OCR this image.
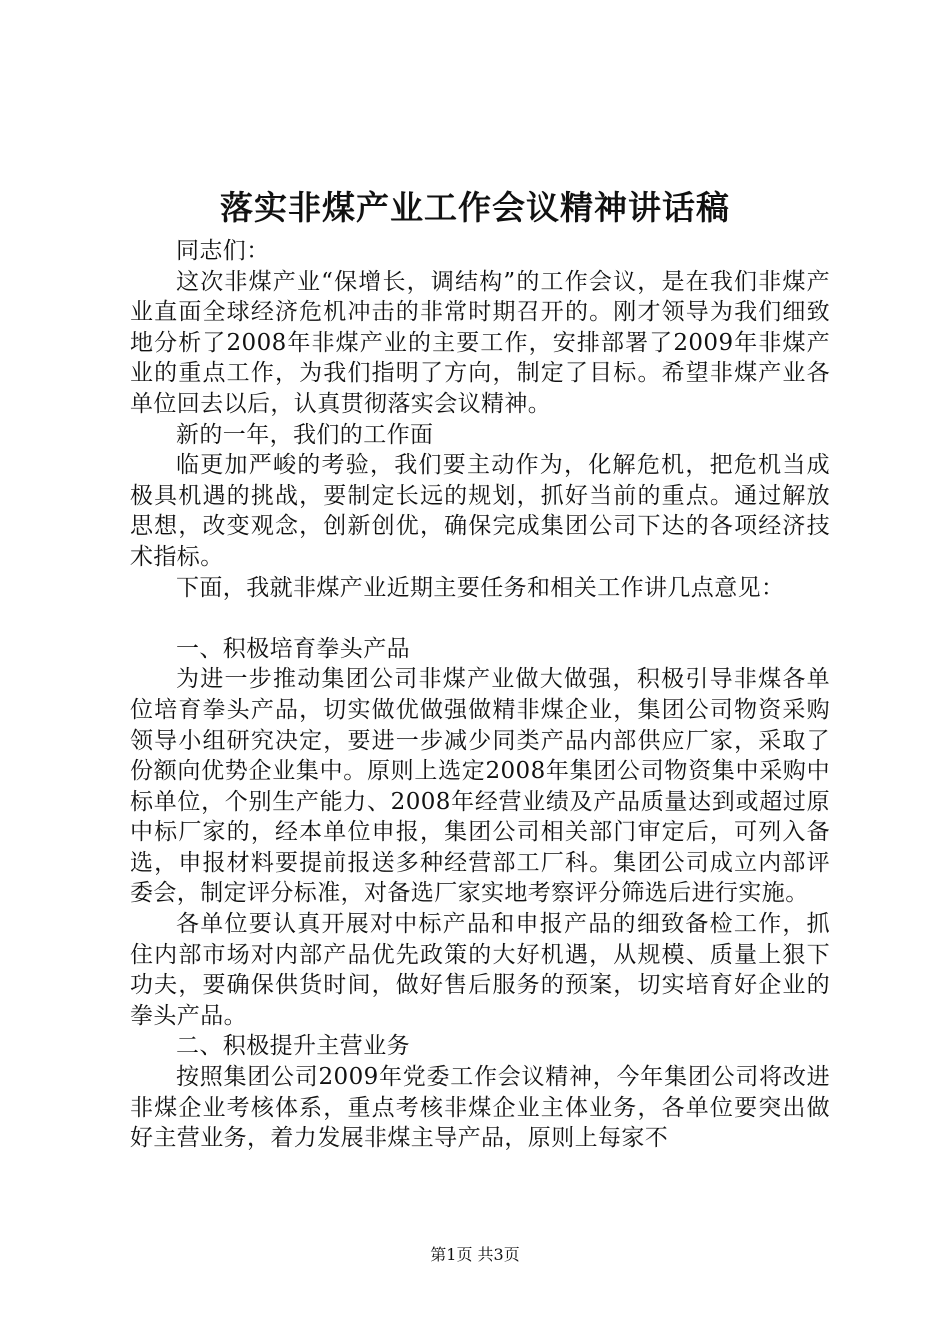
落实非煤产业工作会议精神讲话稿

同志们：

这次非煤产业“保增长，调结构”的工作会议，是在我们非煤产业直面全球经济危机冲击的非常时期召开的。刚才领导为我们细致地分析了2008年非煤产业的主要工作，安排部署了2009年非煤产业的重点工作，为我们指明了方向，制定了目标。希望非煤产业各单位回去以后，认真贯彻落实会议精神。

新的一年，我们的工作面

临更加严峻的考验，我们要主动作为，化解危机，把危机当成极具机遇的挑战，要制定长远的规划，抓好当前的重点。通过解放思想，改变观念，创新创优，确保完成集团公司下达的各项经济技术指标。

下面，我就非煤产业近期主要任务和相关工作讲几点意见：

一、积极培育拳头产品

为进一步推动集团公司非煤产业做大做强，积极引导非煤各单位培育拳头产品，切实做优做强做精非煤企业，集团公司物资采购领导小组研究决定，要进一步减少同类产品内部供应厂家，采取了份额向优势企业集中。原则上选定2008年集团公司物资集中采购中标单位，个别生产能力、2008年经营业绩及产品质量达到或超过原中标厂家的，经本单位申报，集团公司相关部门审定后，可列入备选，申报材料要提前报送多种经营部工厂科。集团公司成立内部评委会，制定评分标准，对备选厂家实地考察评分筛选后进行实施。

各单位要认真开展对中标产品和申报产品的细致备检工作，抓住内部市场对内部产品优先政策的大好机遇，从规模、质量上狠下功夫，要确保供货时间，做好售后服务的预案，切实培育好企业的拳头产品。

二、积极提升主营业务

按照集团公司2009年党委工作会议精神，今年集团公司将改进非煤企业考核体系，重点考核非煤企业主体业务，各单位要突出做好主营业务，着力发展非煤主导产品，原则上每家不

第1页 共3页
